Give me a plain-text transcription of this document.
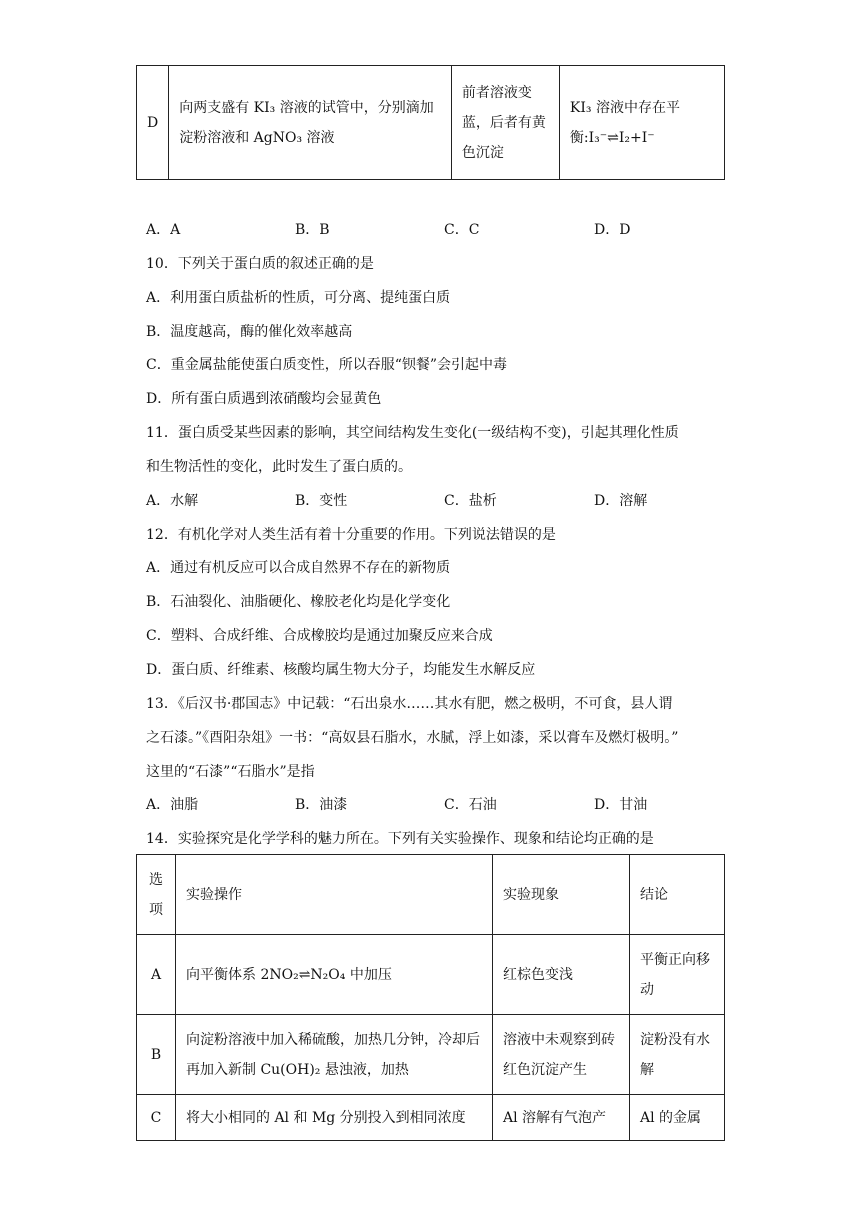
D	向两支盛有 KI₃ 溶液的试管中，分别滴加淀粉溶液和 AgNO₃ 溶液	前者溶液变蓝，后者有黄色沉淀	KI₃ 溶液中存在平衡:I₃⁻⇌I₂+I⁻
A．A	B．B	C．C	D．D
10．下列关于蛋白质的叙述正确的是
A．利用蛋白质盐析的性质，可分离、提纯蛋白质
B．温度越高，酶的催化效率越高
C．重金属盐能使蛋白质变性，所以吞服“钡餐”会引起中毒
D．所有蛋白质遇到浓硝酸均会显黄色
11．蛋白质受某些因素的影响，其空间结构发生变化(一级结构不变)，引起其理化性质
和生物活性的变化，此时发生了蛋白质的。
A．水解	B．变性	C．盐析	D．溶解
12．有机化学对人类生活有着十分重要的作用。下列说法错误的是
A．通过有机反应可以合成自然界不存在的新物质
B．石油裂化、油脂硬化、橡胶老化均是化学变化
C．塑料、合成纤维、合成橡胶均是通过加聚反应来合成
D．蛋白质、纤维素、核酸均属生物大分子，均能发生水解反应
13．《后汉书·郡国志》中记载：“石出泉水……其水有肥，燃之极明，不可食，县人谓
之石漆。”《酉阳杂俎》一书：“高奴县石脂水，水腻，浮上如漆，采以膏车及燃灯极明。”
这里的“石漆”“石脂水”是指
A．油脂	B．油漆	C．石油	D．甘油
14．实验探究是化学学科的魅力所在。下列有关实验操作、现象和结论均正确的是
选项	实验操作	实验现象	结论
A	向平衡体系 2NO₂⇌N₂O₄ 中加压	红棕色变浅	平衡正向移动
B	向淀粉溶液中加入稀硫酸，加热几分钟，冷却后再加入新制 Cu(OH)₂ 悬浊液，加热	溶液中未观察到砖红色沉淀产生	淀粉没有水解
C	将大小相同的 Al 和 Mg 分别投入到相同浓度	Al 溶解有气泡产	Al 的金属
